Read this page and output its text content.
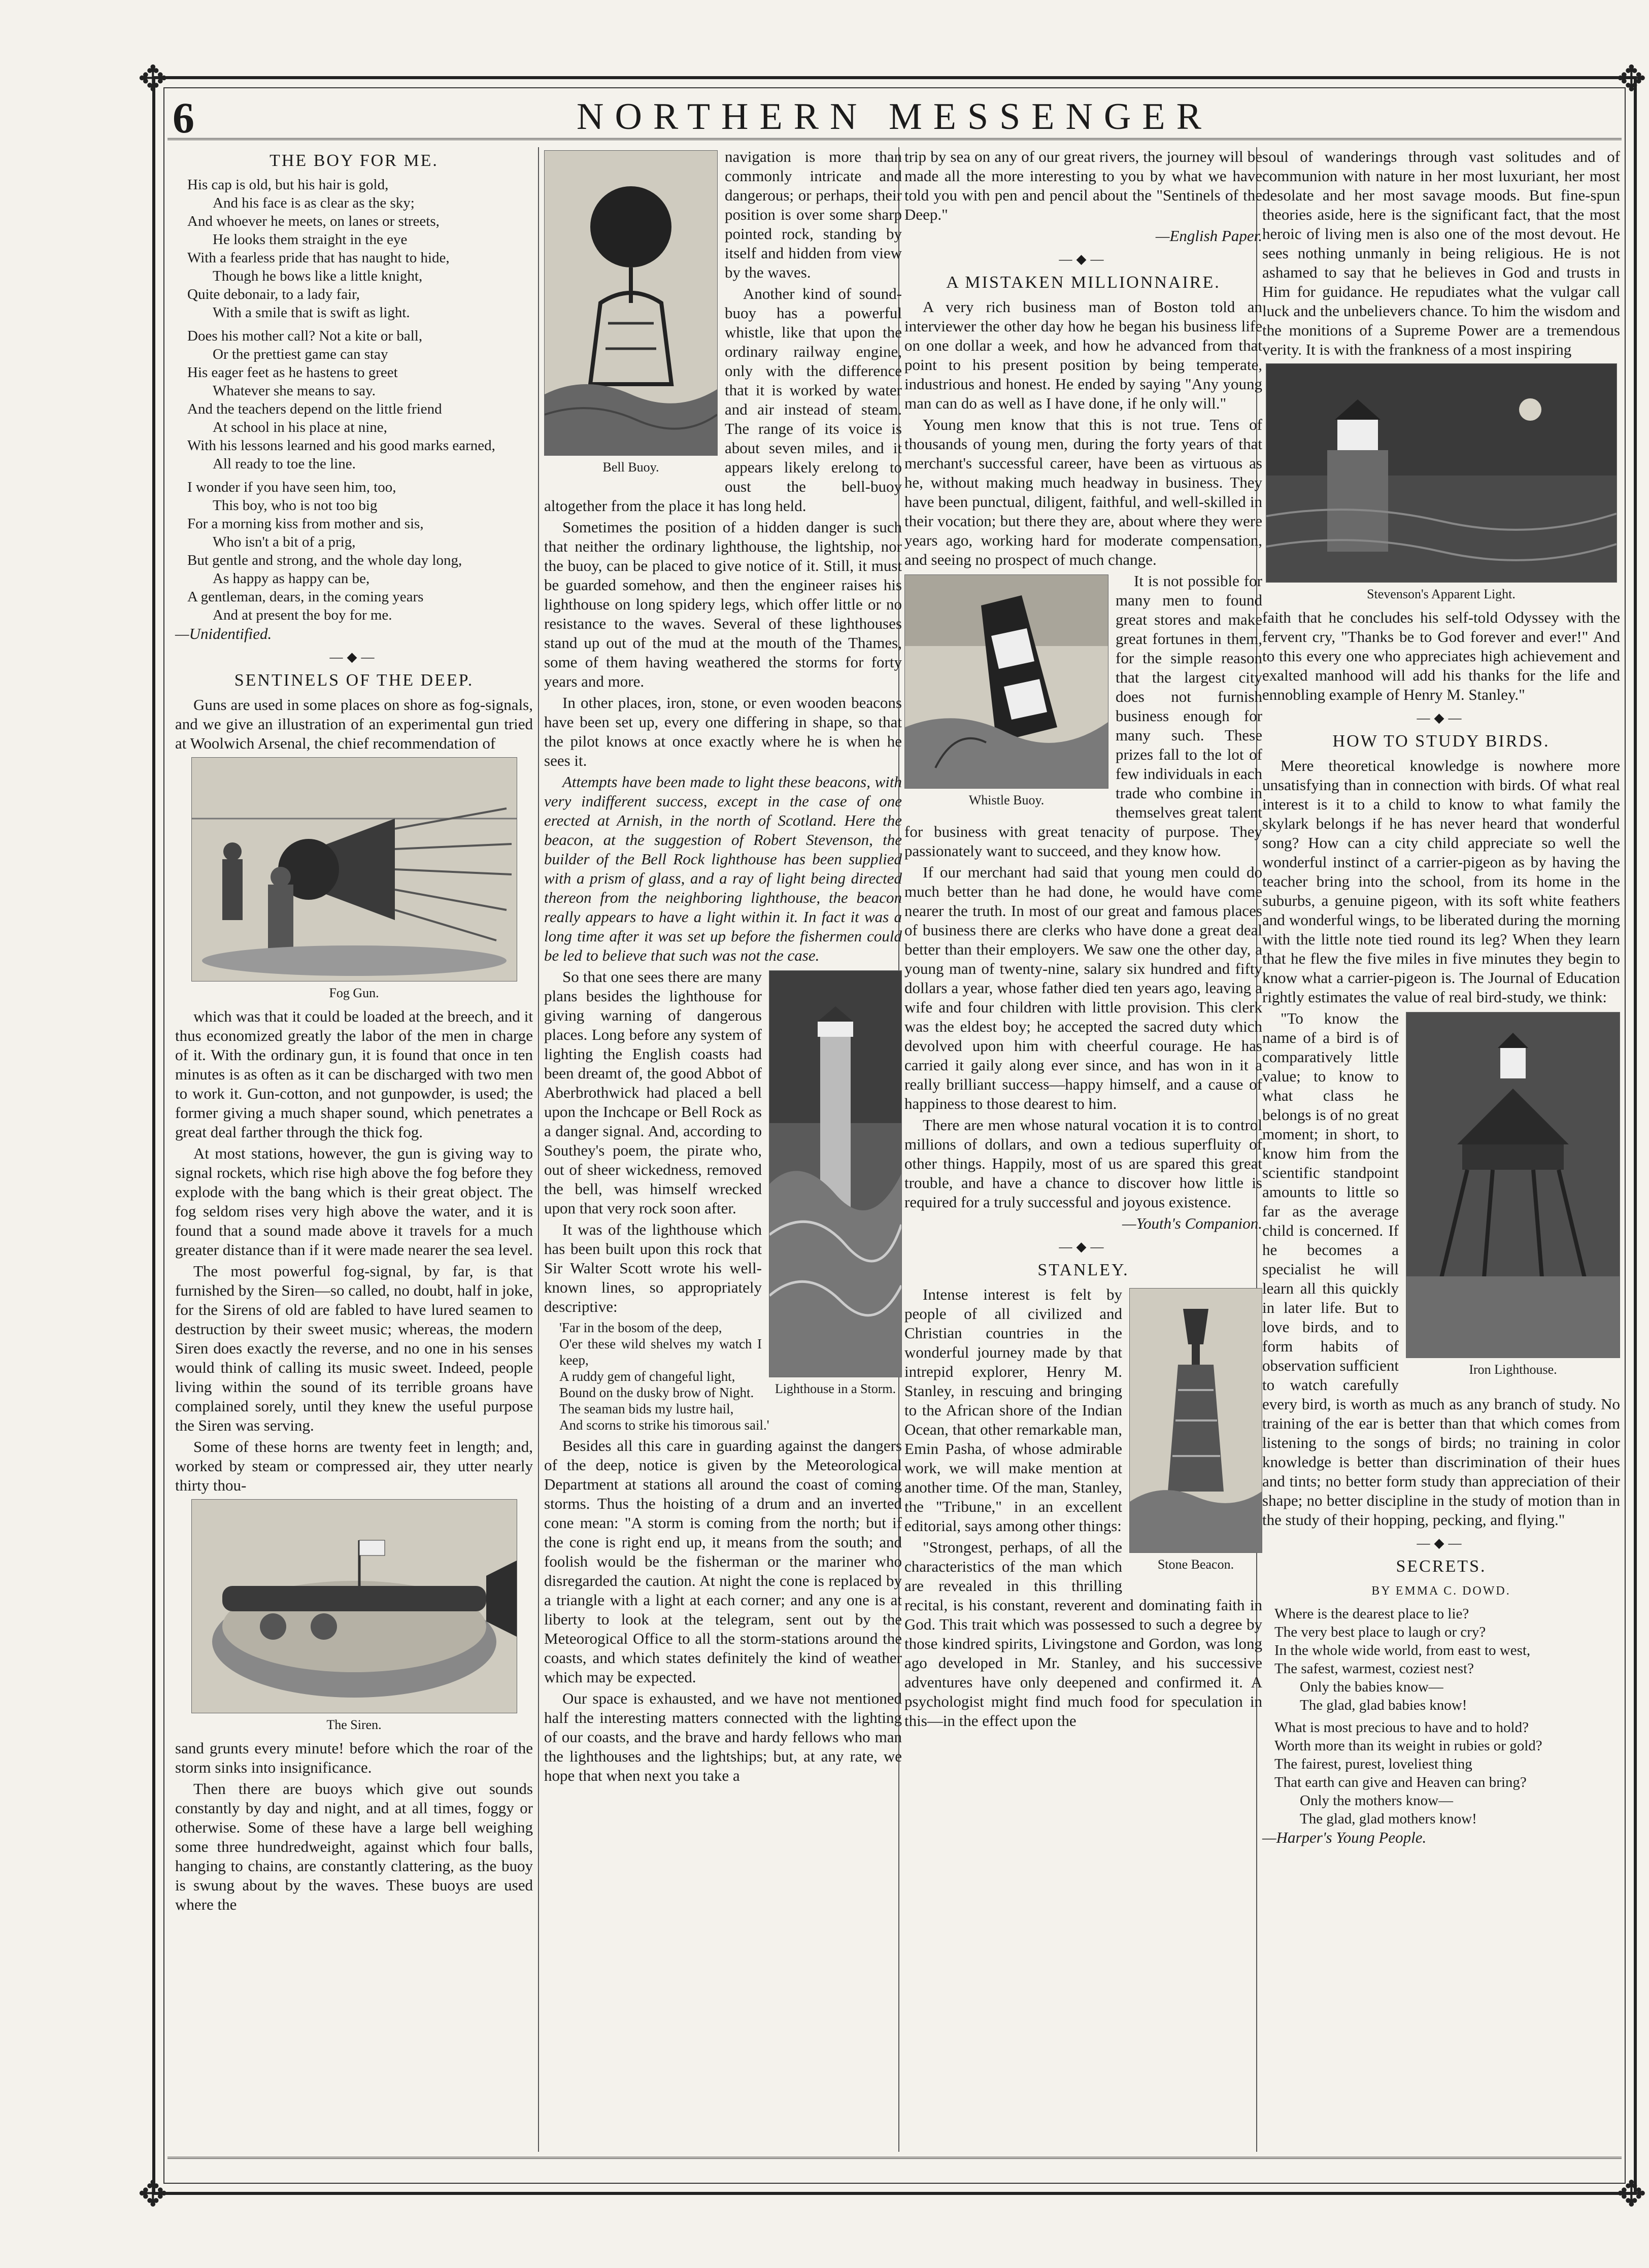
✥	✥
✥	✥
6	NORTHERN MESSENGER
THE BOY FOR ME.
His cap is old, but his hair is gold,
And his face is as clear as the sky;
And whoever he meets, on lanes or streets,
He looks them straight in the eye
With a fearless pride that has naught to hide,
Though he bows like a little knight,
Quite debonair, to a lady fair,
With a smile that is swift as light.
Does his mother call? Not a kite or ball,
Or the prettiest game can stay
His eager feet as he hastens to greet
Whatever she means to say.
And the teachers depend on the little friend
At school in his place at nine,
With his lessons learned and his good marks earned,
All ready to toe the line.
I wonder if you have seen him, too,
This boy, who is not too big
For a morning kiss from mother and sis,
Who isn't a bit of a prig,
But gentle and strong, and the whole day long,
As happy as happy can be,
A gentleman, dears, in the coming years
And at present the boy for me.
—Unidentified.
—◆—
SENTINELS OF THE DEEP.

Guns are used in some places on shore as fog-signals, and we give an illustration of an experimental gun tried at Woolwich Arsenal, the chief recommendation of

Fog Gun.

which was that it could be loaded at the breech, and it thus economized greatly the labor of the men in charge of it. With the ordinary gun, it is found that once in ten minutes is as often as it can be discharged with two men to work it. Gun-cotton, and not gunpowder, is used; the former giving a much shaper sound, which penetrates a great deal farther through the thick fog.

At most stations, however, the gun is giving way to signal rockets, which rise high above the fog before they explode with the bang which is their great object. The fog seldom rises very high above the water, and it is found that a sound made above it travels for a much greater distance than if it were made nearer the sea level.

The most powerful fog-signal, by far, is that furnished by the Siren—so called, no doubt, half in joke, for the Sirens of old are fabled to have lured seamen to destruction by their sweet music; whereas, the modern Siren does exactly the reverse, and no one in his senses would think of calling its music sweet. Indeed, people living within the sound of its terrible groans have complained sorely, until they knew the useful purpose the Siren was serving.

Some of these horns are twenty feet in length; and, worked by steam or compressed air, they utter nearly thirty thou-

The Siren.

sand grunts every minute! before which the roar of the storm sinks into insignificance.

Then there are buoys which give out sounds constantly by day and night, and at all times, foggy or otherwise. Some of these have a large bell weighing some three hundredweight, against which four balls, hanging to chains, are constantly clattering, as the buoy is swung about by the waves. These buoys are used where the

Bell Buoy.

navigation is more than commonly intricate and dangerous; or perhaps, their position is over some sharp pointed rock, standing by itself and hidden from view by the waves.

Another kind of sound-buoy has a powerful whistle, like that upon the ordinary railway engine, only with the difference that it is worked by water and air instead of steam. The range of its voice is about seven miles, and it appears likely erelong to oust the bell-buoy altogether from the place it has long held.

Sometimes the position of a hidden danger is such that neither the ordinary lighthouse, the lightship, nor the buoy, can be placed to give notice of it. Still, it must be guarded somehow, and then the engineer raises his lighthouse on long spidery legs, which offer little or no resistance to the waves. Several of these lighthouses stand up out of the mud at the mouth of the Thames, some of them having weathered the storms for forty years and more.

In other places, iron, stone, or even wooden beacons have been set up, every one differing in shape, so that the pilot knows at once exactly where he is when he sees it.

Attempts have been made to light these beacons, with very indifferent success, except in the case of one erected at Arnish, in the north of Scotland. Here the beacon, at the suggestion of Robert Stevenson, the builder of the Bell Rock lighthouse has been supplied with a prism of glass, and a ray of light being directed thereon from the neighboring lighthouse, the beacon really appears to have a light within it. In fact it was a long time after it was set up before the fishermen could be led to believe that such was not the case.

Lighthouse in a Storm.

So that one sees there are many plans besides the lighthouse for giving warning of dangerous places. Long before any system of lighting the English coasts had been dreamt of, the good Abbot of Aberbrothwick had placed a bell upon the Inchcape or Bell Rock as a danger signal. And, according to Southey's poem, the pirate who, out of sheer wickedness, removed the bell, was himself wrecked upon that very rock soon after.

It was of the lighthouse which has been built upon this rock that Sir Walter Scott wrote his well-known lines, so appropriately descriptive:

'Far in the bosom of the deep,
O'er these wild shelves my watch I keep,
A ruddy gem of changeful light,
Bound on the dusky brow of Night.
The seaman bids my lustre hail,
And scorns to strike his timorous sail.'

Besides all this care in guarding against the dangers of the deep, notice is given by the Meteorological Department at stations all around the coast of coming storms. Thus the hoisting of a drum and an inverted cone mean: "A storm is coming from the north; but if the cone is right end up, it means from the south; and foolish would be the fisherman or the mariner who disregarded the caution. At night the cone is replaced by a triangle with a light at each corner; and any one is at liberty to look at the telegram, sent out by the Meteorogical Office to all the storm-stations around the coasts, and which states definitely the kind of weather which may be expected.

Our space is exhausted, and we have not mentioned half the interesting matters connected with the lighting of our coasts, and the brave and hardy fellows who man the lighthouses and the lightships; but, at any rate, we hope that when next you take a

trip by sea on any of our great rivers, the journey will be made all the more interesting to you by what we have told you with pen and pencil about the "Sentinels of the Deep."

—English Paper.
—◆—
A MISTAKEN MILLIONNAIRE.

A very rich business man of Boston told an interviewer the other day how he began his business life on one dollar a week, and how he advanced from that point to his present position by being temperate, industrious and honest. He ended by saying "Any young man can do as well as I have done, if he only will."

Young men know that this is not true. Tens of thousands of young men, during the forty years of that merchant's successful career, have been as virtuous as he, without making much headway in business. They have been punctual, diligent, faithful, and well-skilled in their vocation; but there they are, about where they were years ago, working hard for moderate compensation, and seeing no prospect of much change.

Whistle Buoy.

It is not possible for many men to found great stores and make great fortunes in them, for the simple reason that the largest city does not furnish business enough for many such. These prizes fall to the lot of few individuals in each trade who combine in themselves great talent for business with great tenacity of purpose. They passionately want to succeed, and they know how.

If our merchant had said that young men could do much better than he had done, he would have come nearer the truth. In most of our great and famous places of business there are clerks who have done a great deal better than their employers. We saw one the other day, a young man of twenty-nine, salary six hundred and fifty dollars a year, whose father died ten years ago, leaving a wife and four children with little provision. This clerk was the eldest boy; he accepted the sacred duty which devolved upon him with cheerful courage. He has carried it gaily along ever since, and has won in it a really brilliant success—happy himself, and a cause of happiness to those dearest to him.

There are men whose natural vocation it is to control millions of dollars, and own a tedious superfluity of other things. Happily, most of us are spared this great trouble, and have a chance to discover how little is required for a truly successful and joyous existence.

—Youth's Companion.
—◆—
STANLEY.
Stone Beacon.

Intense interest is felt by people of all civilized and Christian countries in the wonderful journey made by that intrepid explorer, Henry M. Stanley, in rescuing and bringing to the African shore of the Indian Ocean, that other remarkable man, Emin Pasha, of whose admirable work, we will make mention at another time. Of the man, Stanley, the "Tribune," in an excellent editorial, says among other things:

"Strongest, perhaps, of all the characteristics of the man which are revealed in this thrilling recital, is his constant, reverent and dominating faith in God. This trait which was possessed to such a degree by those kindred spirits, Livingstone and Gordon, was long ago developed in Mr. Stanley, and his successive adventures have only deepened and confirmed it. A psychologist might find much food for speculation in this—in the effect upon the

soul of wanderings through vast solitudes and of communion with nature in her most luxuriant, her most desolate and her most savage moods. But fine-spun theories aside, here is the significant fact, that the most heroic of living men is also one of the most devout. He sees nothing unmanly in being religious. He is not ashamed to say that he believes in God and trusts in Him for guidance. He repudiates what the vulgar call luck and the unbelievers chance. To him the wisdom and the monitions of a Supreme Power are a tremendous verity. It is with the frankness of a most inspiring

Stevenson's Apparent Light.

faith that he concludes his self-told Odyssey with the fervent cry, "Thanks be to God forever and ever!" And to this every one who appreciates high achievement and exalted manhood will add his thanks for the life and ennobling example of Henry M. Stanley."

—◆—
HOW TO STUDY BIRDS.

Mere theoretical knowledge is nowhere more unsatisfying than in connection with birds. Of what real interest is it to a child to know to what family the skylark belongs if he has never heard that wonderful song? How can a city child appreciate so well the wonderful instinct of a carrier-pigeon as by having the teacher bring into the school, from its home in the suburbs, a genuine pigeon, with its soft white feathers and wonderful wings, to be liberated during the morning with the little note tied round its leg? When they learn that he flew the five miles in five minutes they begin to know what a carrier-pigeon is. The Journal of Education rightly estimates the value of real bird-study, we think:

Iron Lighthouse.

"To know the name of a bird is of comparatively little value; to know to what class he belongs is of no great moment; in short, to know him from the scientific standpoint amounts to little so far as the average child is concerned. If he becomes a specialist he will learn all this quickly in later life. But to love birds, and to form habits of observation sufficient to watch carefully every bird, is worth as much as any branch of study. No training of the ear is better than that which comes from listening to the songs of birds; no training in color knowledge is better than discrimination of their hues and tints; no better form study than appreciation of their shape; no better discipline in the study of motion than in the study of their hopping, pecking, and flying."

—◆—
SECRETS.
BY EMMA C. DOWD.
Where is the dearest place to lie?
The very best place to laugh or cry?
In the whole wide world, from east to west,
The safest, warmest, coziest nest?
Only the babies know—
The glad, glad babies know!
What is most precious to have and to hold?
Worth more than its weight in rubies or gold?
The fairest, purest, loveliest thing
That earth can give and Heaven can bring?
Only the mothers know—
The glad, glad mothers know!
—Harper's Young People.
